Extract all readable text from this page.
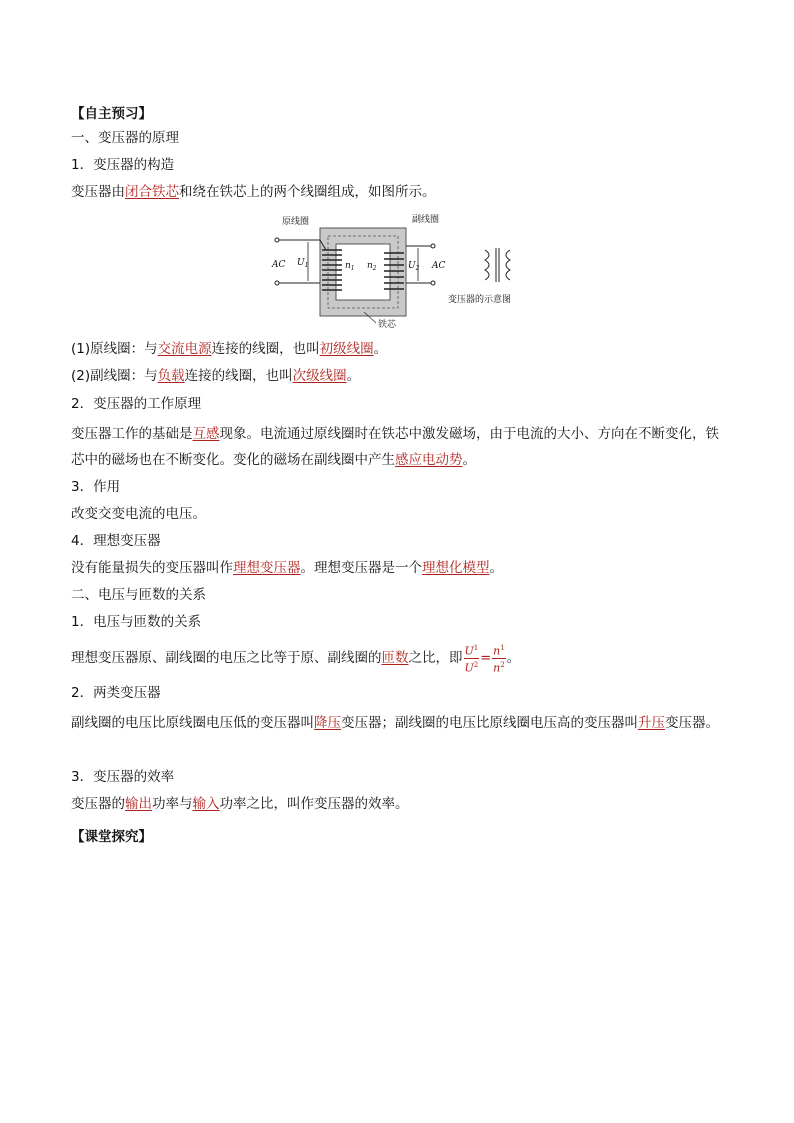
【自主预习】
一、变压器的原理
1．变压器的构造
变压器由闭合铁芯和绕在铁芯上的两个线圈组成，如图所示。
原线圈	副线圈
铁芯
AC	AC
$U_1$	$U_2$
$n_1$ $n_2$
变压器的示意图
(1)原线圈：与交流电源连接的线圈，也叫初级线圈。
(2)副线圈：与负载连接的线圈，也叫次级线圈。
2．变压器的工作原理
变压器工作的基础是互感现象。电流通过原线圈时在铁芯中激发磁场，由于电流的大小、方向在不断变化，铁芯中的磁场也在不断变化。变化的磁场在副线圈中产生感应电动势。
3．作用
改变交变电流的电压。
4．理想变压器
没有能量损失的变压器叫作理想变压器。理想变压器是一个理想化模型。
二、电压与匝数的关系
1．电压与匝数的关系
理想变压器原、副线圈的电压之比等于原、副线圈的匝数之比，即 $\frac{U^1}{U^2} = \frac{n^1}{n^2}$ 。
2．两类变压器
副线圈的电压比原线圈电压低的变压器叫降压变压器；副线圈的电压比原线圈电压高的变压器叫升压变压器。
3．变压器的效率
变压器的输出功率与输入功率之比，叫作变压器的效率。
【课堂探究】
